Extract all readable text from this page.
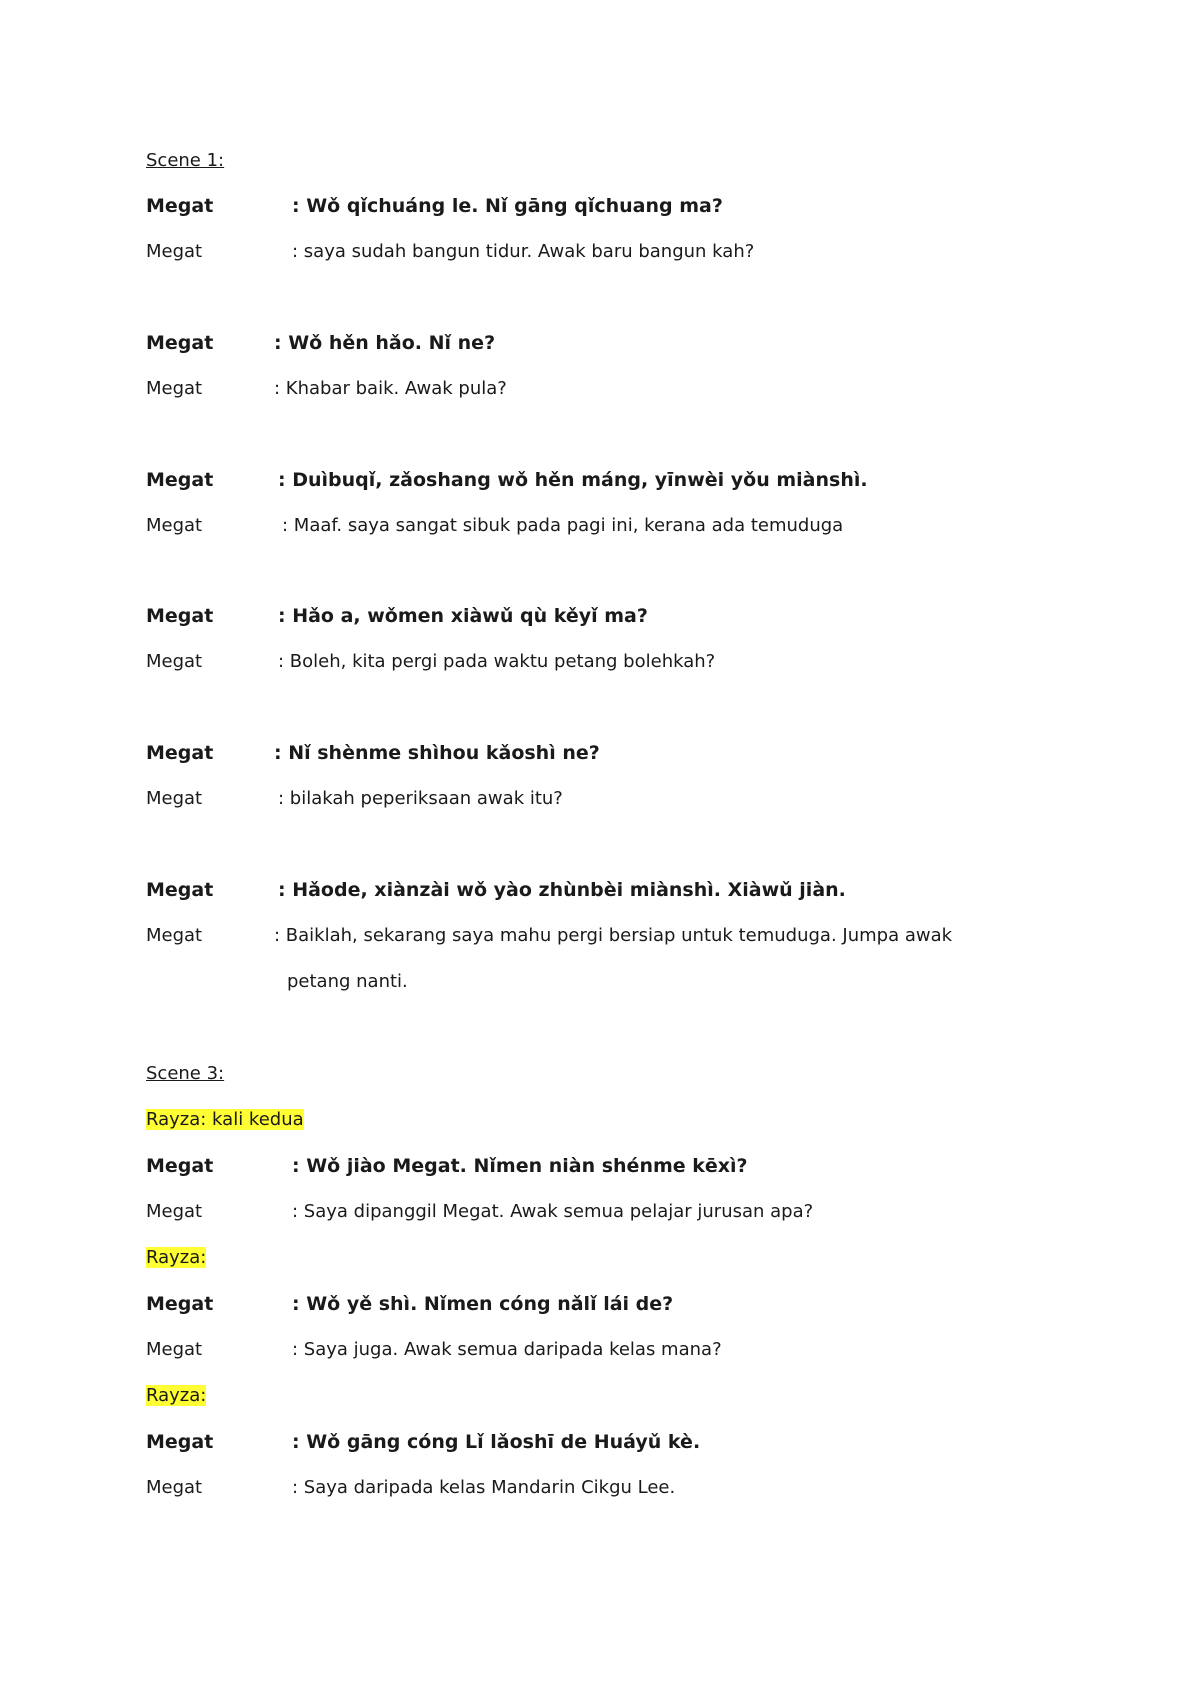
Scene 1:
Megat	: Wǒ qǐchuáng le. Nǐ gāng qǐchuang ma?
Megat	: saya sudah bangun tidur. Awak baru bangun kah?
Megat	: Wǒ hěn hǎo. Nǐ ne?
Megat	: Khabar baik. Awak pula?
Megat	: Duìbuqǐ, zǎoshang wǒ hěn máng, yīnwèi yǒu miànshì.
Megat	: Maaf. saya sangat sibuk pada pagi ini, kerana ada temuduga
Megat	: Hǎo a, wǒmen xiàwǔ qù kěyǐ ma?
Megat	: Boleh, kita pergi pada waktu petang bolehkah?
Megat	: Nǐ shènme shìhou kǎoshì ne?
Megat	: bilakah peperiksaan awak itu?
Megat	: Hǎode, xiànzài wǒ yào zhùnbèi miànshì. Xiàwǔ jiàn.
Megat	: Baiklah, sekarang saya mahu pergi bersiap untuk temuduga. Jumpa awak
petang nanti.
Scene 3:
Rayza: kali kedua
Megat	: Wǒ jiào Megat. Nǐmen niàn shénme kēxì?
Megat	: Saya dipanggil Megat. Awak semua pelajar jurusan apa?
Rayza:
Megat	: Wǒ yě shì. Nǐmen cóng nǎlǐ lái de?
Megat	: Saya juga. Awak semua daripada kelas mana?
Rayza:
Megat	: Wǒ gāng cóng Lǐ lǎoshī de Huáyǔ kè.
Megat	: Saya daripada kelas Mandarin Cikgu Lee.
